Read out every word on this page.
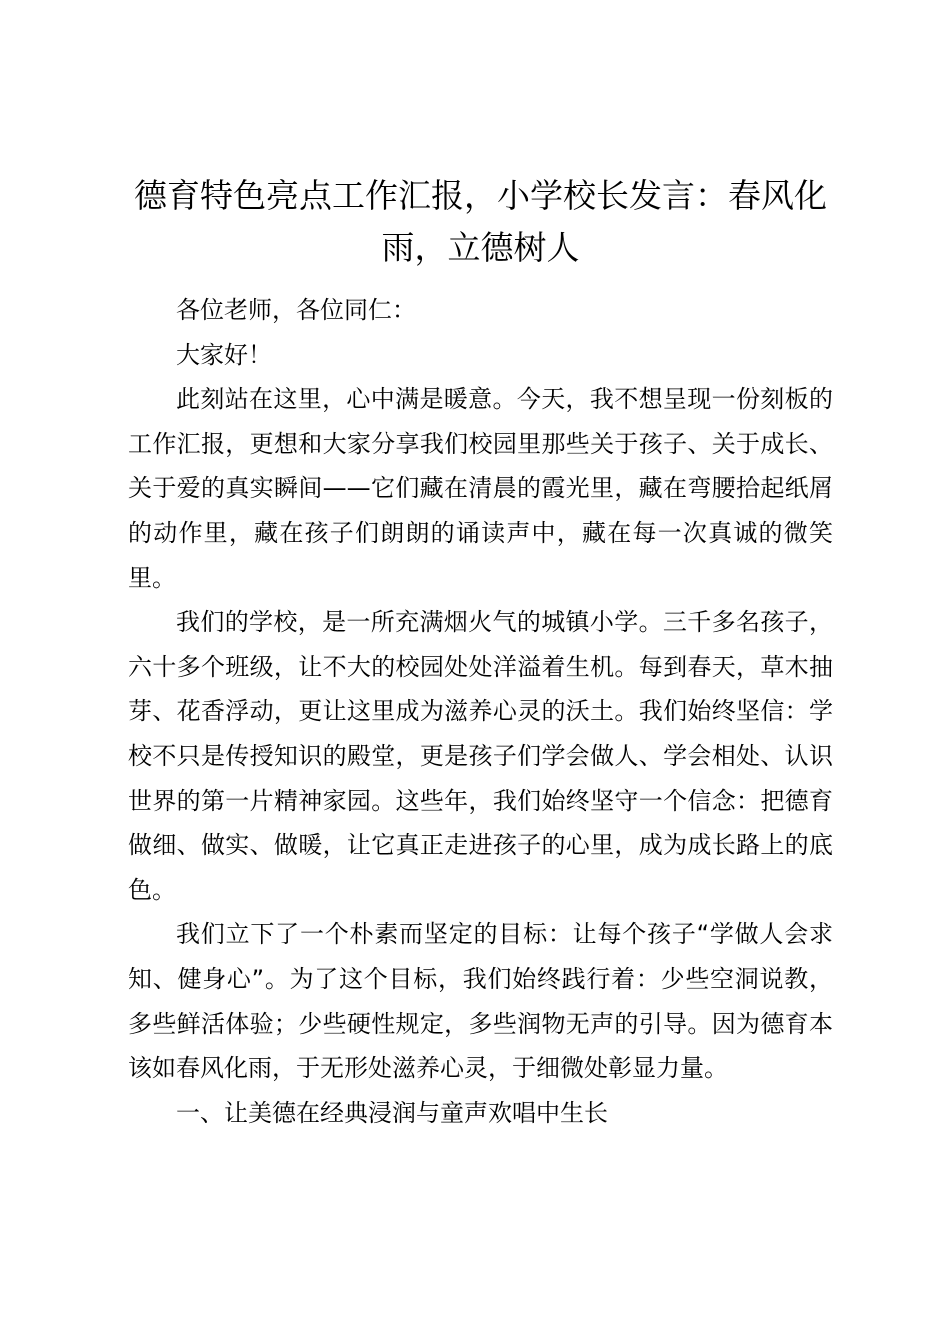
德育特色亮点工作汇报，小学校长发言：春风化雨，立德树人

各位老师，各位同仁：

大家好！

此刻站在这里，心中满是暖意。今天，我不想呈现一份刻板的工作汇报，更想和大家分享我们校园里那些关于孩子、关于成长、关于爱的真实瞬间——它们藏在清晨的霞光里，藏在弯腰拾起纸屑的动作里，藏在孩子们朗朗的诵读声中，藏在每一次真诚的微笑里。

我们的学校，是一所充满烟火气的城镇小学。三千多名孩子，六十多个班级，让不大的校园处处洋溢着生机。每到春天，草木抽芽、花香浮动，更让这里成为滋养心灵的沃土。我们始终坚信：学校不只是传授知识的殿堂，更是孩子们学会做人、学会相处、认识世界的第一片精神家园。这些年，我们始终坚守一个信念：把德育做细、做实、做暖，让它真正走进孩子的心里，成为成长路上的底色。

我们立下了一个朴素而坚定的目标：让每个孩子“学做人会求知、健身心”。为了这个目标，我们始终践行着：少些空洞说教，多些鲜活体验；少些硬性规定，多些润物无声的引导。因为德育本该如春风化雨，于无形处滋养心灵，于细微处彰显力量。

一、让美德在经典浸润与童声欢唱中生长
